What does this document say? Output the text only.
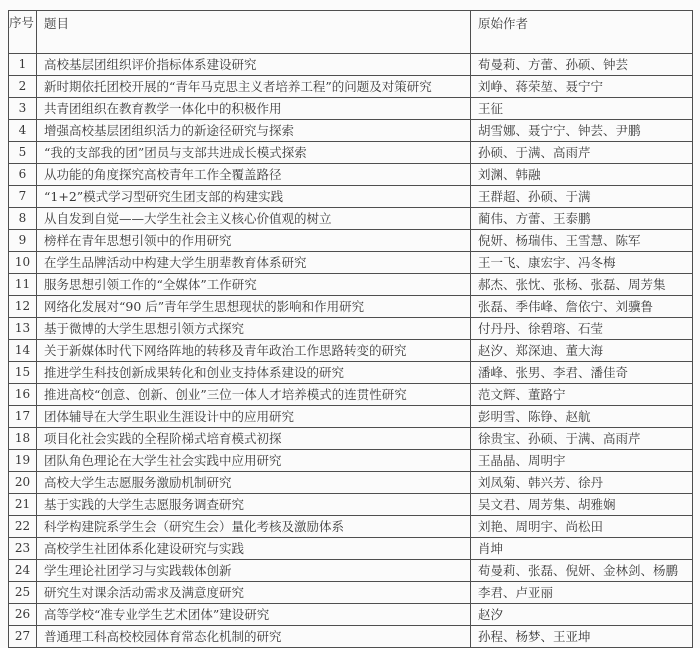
序号	题目	原始作者
1	高校基层团组织评价指标体系建设研究	荀曼莉、方蕾、孙硕、钟芸
2	新时期依托团校开展的“青年马克思主义者培养工程”的问题及对策研究	刘峥、蒋荣堃、聂宁宁
3	共青团组织在教育教学一体化中的积极作用	王征
4	增强高校基层团组织活力的新途径研究与探索	胡雪娜、聂宁宁、钟芸、尹鹏
5	“我的支部我的团”团员与支部共进成长模式探索	孙硕、于满、高雨芹
6	从功能的角度探究高校青年工作全覆盖路径	刘渊、韩融
7	“1+2”模式学习型研究生团支部的构建实践	王群超、孙硕、于满
8	从自发到自觉——大学生社会主义核心价值观的树立	蔺伟、方蕾、王泰鹏
9	榜样在青年思想引领中的作用研究	倪妍、杨瑞伟、王雪慧、陈军
10	在学生品牌活动中构建大学生朋辈教育体系研究	王一飞、康宏宇、冯冬梅
11	服务思想引领工作的“全媒体”工作研究	郝杰、张忱、张杨、张磊、周芳集
12	网络化发展对“90 后”青年学生思想现状的影响和作用研究	张磊、季伟峰、詹依宁、刘骥鲁
13	基于微博的大学生思想引领方式探究	付丹丹、徐碧瑢、石莹
14	关于新媒体时代下网络阵地的转移及青年政治工作思路转变的研究	赵汐、郑深迪、董大海
15	推进学生科技创新成果转化和创业支持体系建设的研究	潘峰、张男、李君、潘佳奇
16	推进高校“创意、创新、创业”三位一体人才培养模式的连贯性研究	范文辉、董路宁
17	团体辅导在大学生职业生涯设计中的应用研究	彭明雪、陈铮、赵航
18	项目化社会实践的全程阶梯式培育模式初探	徐贵宝、孙硕、于满、高雨芹
19	团队角色理论在大学生社会实践中应用研究	王晶晶、周明宇
20	高校大学生志愿服务激励机制研究	刘凤菊、韩兴芳、徐丹
21	基于实践的大学生志愿服务调查研究	吴文君、周芳集、胡雅娴
22	科学构建院系学生会（研究生会）量化考核及激励体系	刘艳、周明宇、尚松田
23	高校学生社团体系化建设研究与实践	肖坤
24	学生理论社团学习与实践载体创新	荀曼莉、张磊、倪妍、金林剑、杨鹏
25	研究生对课余活动需求及满意度研究	李君、卢亚丽
26	高等学校“准专业学生艺术团体”建设研究	赵汐
27	普通理工科高校校园体育常态化机制的研究	孙程、杨梦、王亚坤
